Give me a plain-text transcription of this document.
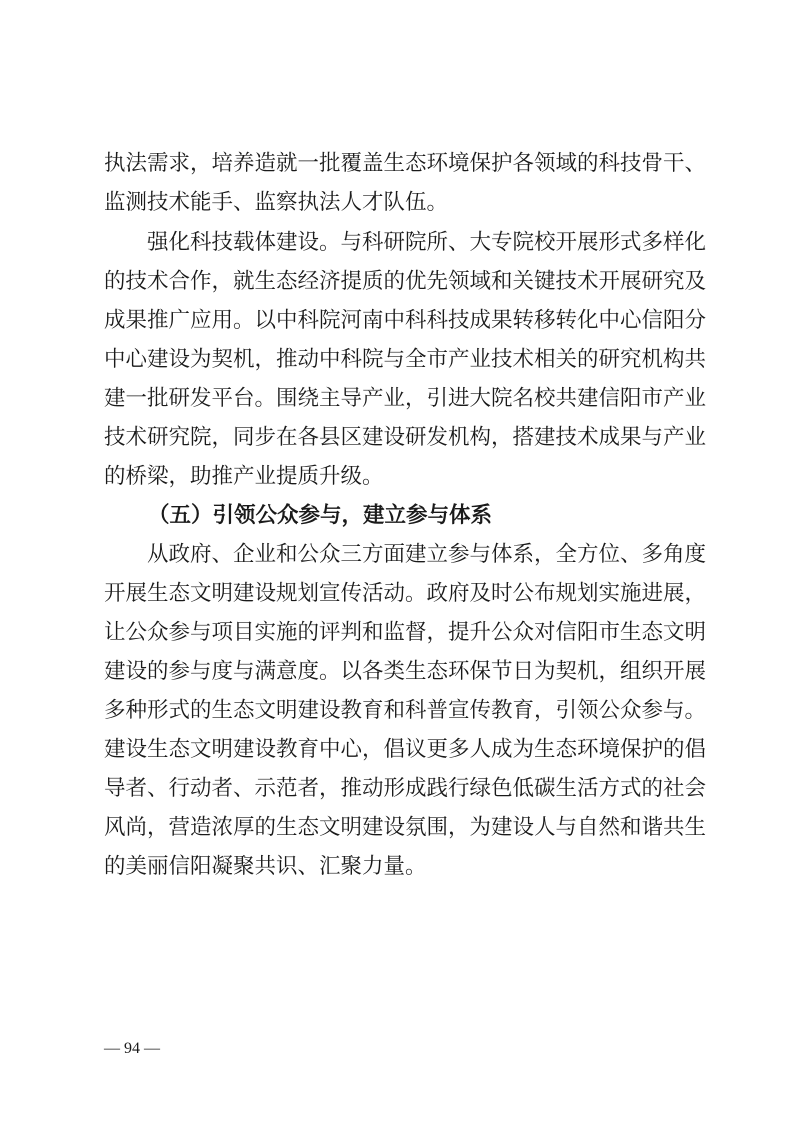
执法需求，培养造就一批覆盖生态环境保护各领域的科技骨干、
监测技术能手、监察执法人才队伍。
　　强化科技载体建设。与科研院所、大专院校开展形式多样化
的技术合作，就生态经济提质的优先领域和关键技术开展研究及
成果推广应用。以中科院河南中科科技成果转移转化中心信阳分
中心建设为契机，推动中科院与全市产业技术相关的研究机构共
建一批研发平台。围绕主导产业，引进大院名校共建信阳市产业
技术研究院，同步在各县区建设研发机构，搭建技术成果与产业
的桥梁，助推产业提质升级。
（五）引领公众参与，建立参与体系
　　从政府、企业和公众三方面建立参与体系，全方位、多角度
开展生态文明建设规划宣传活动。政府及时公布规划实施进展，
让公众参与项目实施的评判和监督，提升公众对信阳市生态文明
建设的参与度与满意度。以各类生态环保节日为契机，组织开展
多种形式的生态文明建设教育和科普宣传教育，引领公众参与。
建设生态文明建设教育中心，倡议更多人成为生态环境保护的倡
导者、行动者、示范者，推动形成践行绿色低碳生活方式的社会
风尚，营造浓厚的生态文明建设氛围，为建设人与自然和谐共生
的美丽信阳凝聚共识、汇聚力量。
— 94 —
